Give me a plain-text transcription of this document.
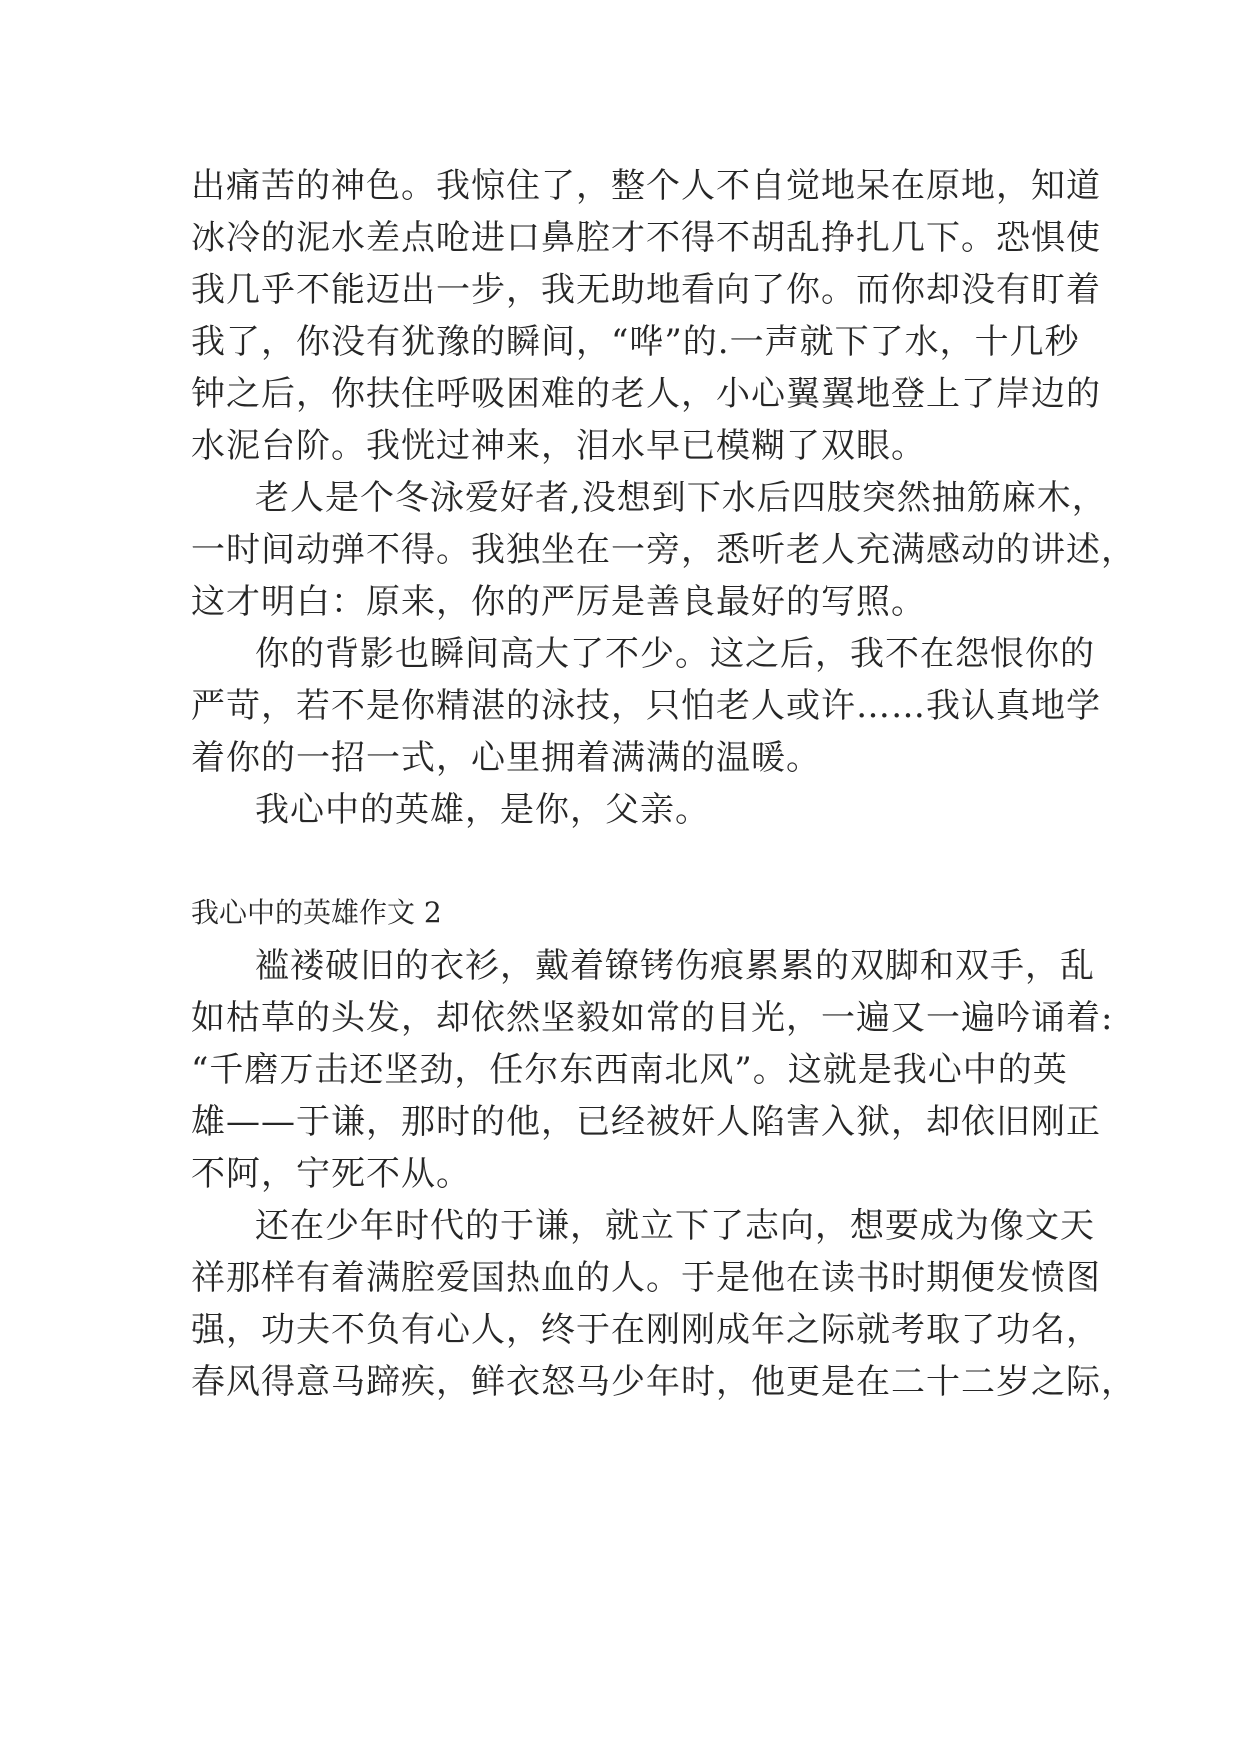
出痛苦的神色。我惊住了，整个人不自觉地呆在原地，知道
冰冷的泥水差点呛进口鼻腔才不得不胡乱挣扎几下。恐惧使
我几乎不能迈出一步，我无助地看向了你。而你却没有盯着
我了，你没有犹豫的瞬间，“哗”的.一声就下了水，十几秒
钟之后，你扶住呼吸困难的老人，小心翼翼地登上了岸边的
水泥台阶。我恍过神来，泪水早已模糊了双眼。
老人是个冬泳爱好者,没想到下水后四肢突然抽筋麻木，
一时间动弹不得。我独坐在一旁，悉听老人充满感动的讲述，
这才明白：原来，你的严厉是善良最好的写照。
你的背影也瞬间高大了不少。这之后，我不在怨恨你的
严苛，若不是你精湛的泳技，只怕老人或许……我认真地学
着你的一招一式，心里拥着满满的温暖。
我心中的英雄，是你，父亲。
我心中的英雄作文 2
褴褛破旧的衣衫，戴着镣铐伤痕累累的双脚和双手，乱
如枯草的头发，却依然坚毅如常的目光，一遍又一遍吟诵着:
“千磨万击还坚劲，任尔东西南北风”。这就是我心中的英
雄——于谦，那时的他，已经被奸人陷害入狱，却依旧刚正
不阿，宁死不从。
还在少年时代的于谦，就立下了志向，想要成为像文天
祥那样有着满腔爱国热血的人。于是他在读书时期便发愤图
强，功夫不负有心人，终于在刚刚成年之际就考取了功名，
春风得意马蹄疾，鲜衣怒马少年时，他更是在二十二岁之际，
